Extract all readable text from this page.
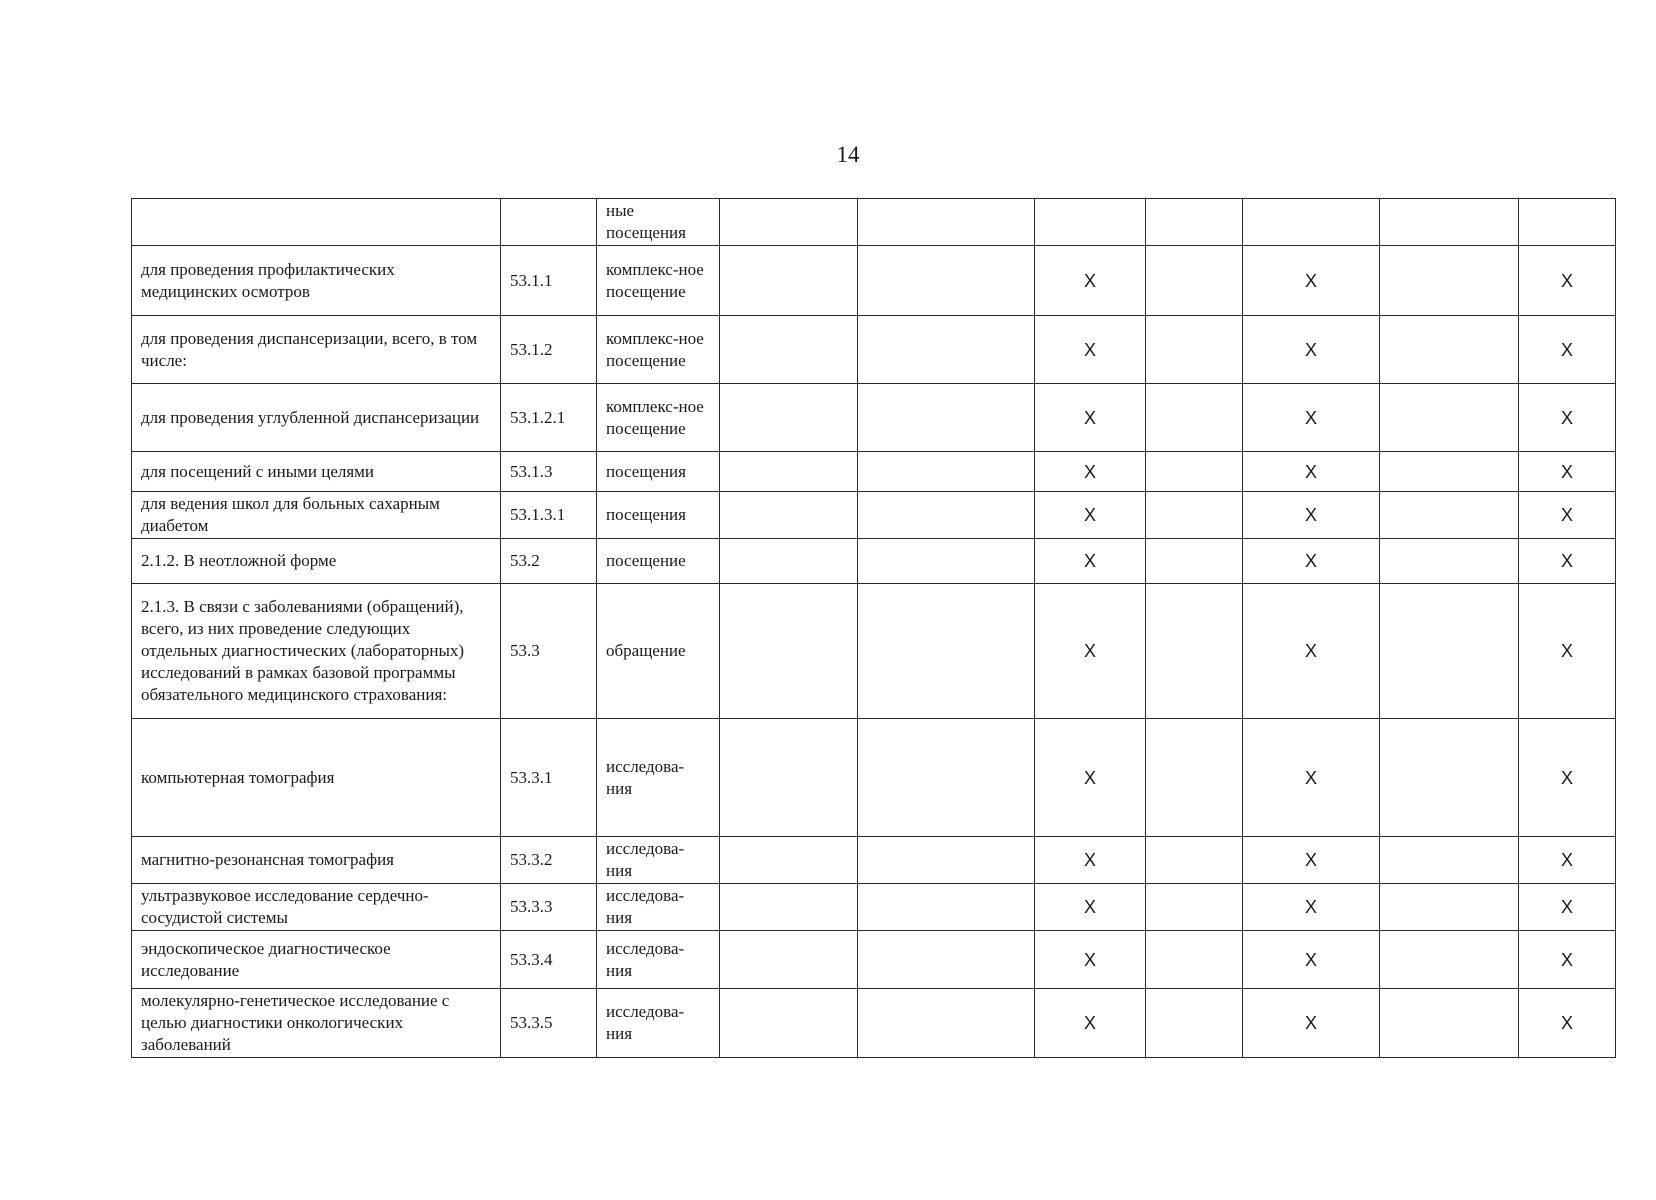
14
		ные посещения							
для проведения профилактических медицинских осмотров	53.1.1	комплекс-ное посещение			X		X		X
для проведения диспансеризации, всего, в том числе:	53.1.2	комплекс-ное посещение			X		X		X
для проведения углубленной диспансеризации	53.1.2.1	комплекс-ное посещение			X		X		X
для посещений с иными целями	53.1.3	посещения			X		X		X
для ведения школ для больных сахарным диабетом	53.1.3.1	посещения			X		X		X
2.1.2. В неотложной форме	53.2	посещение			X		X		X
2.1.3. В связи с заболеваниями (обращений), всего, из них проведение следующих отдельных диагностических (лабораторных) исследований в рамках базовой программы обязательного медицинского страхования:	53.3	обращение			X		X		X
компьютерная томография	53.3.1	исследова-ния			X		X		X
магнитно-резонансная томография	53.3.2	исследова-ния			X		X		X
ультразвуковое исследование сердечно-сосудистой системы	53.3.3	исследова-ния			X		X		X
эндоскопическое диагностическое исследование	53.3.4	исследова-ния			X		X		X
молекулярно-генетическое исследование с целью диагностики онкологических заболеваний	53.3.5	исследова-ния			X		X		X
